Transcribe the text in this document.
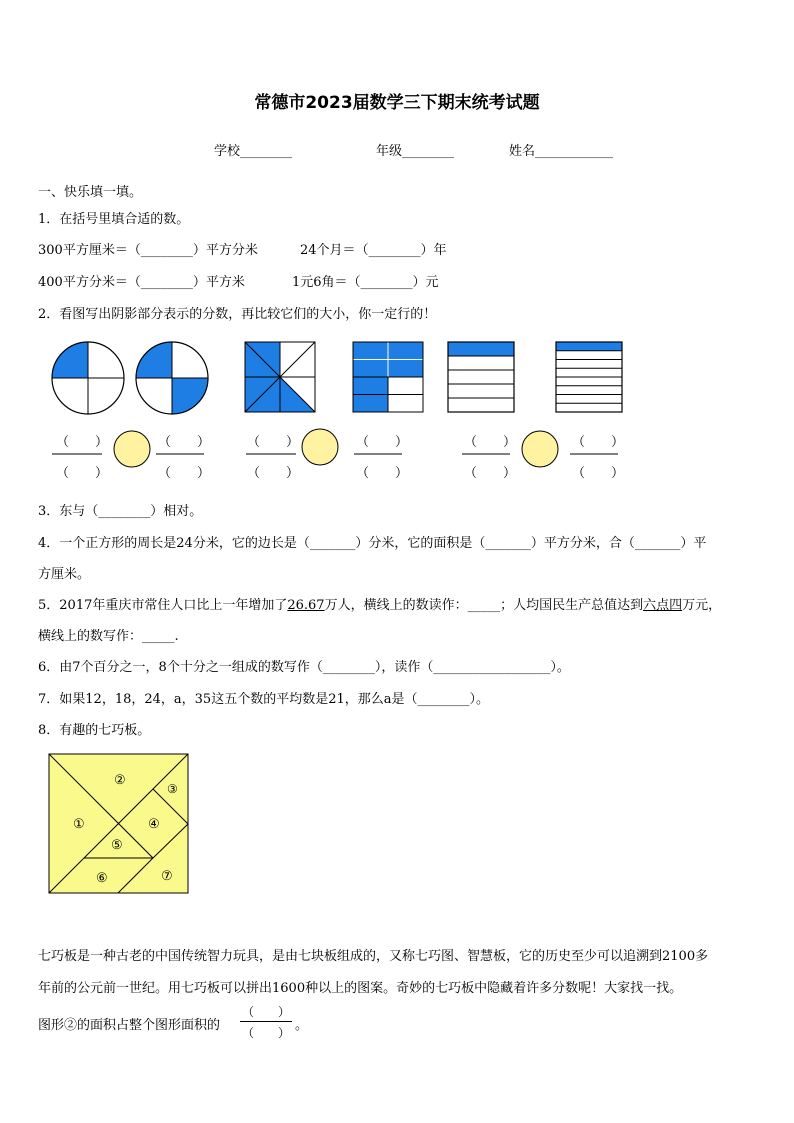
常德市2023届数学三下期末统考试题
学校________	年级________	姓名____________
一、快乐填一填。
1．在括号里填合适的数。
300平方厘米＝（________）平方分米	24个月＝（________）年
400平方分米＝（________）平方米	1元6角＝（________）元
2．看图写出阴影部分表示的分数，再比较它们的大小，你一定行的！
（　　）
（　　）
（　　）
（　　）
（　　）
（　　）
（　　）
（　　）
（　　）
（　　）
（　　）
（　　）
3．东与（________）相对。
4．一个正方形的周长是24分米，它的边长是（_______）分米，它的面积是（_______）平方分米，合（_______）平
方厘米。
5．2017年重庆市常住人口比上一年增加了26.67万人，横线上的数读作：_____；人均国民生产总值达到六点四万元，
横线上的数写作：_____.
6．由7个百分之一，8个十分之一组成的数写作（________），读作（__________________）。
7．如果12，18，24，a，35这五个数的平均数是21，那么a是（________）。
8．有趣的七巧板。
①
②
③
④
⑤
⑥	⑦
七巧板是一种古老的中国传统智力玩具，是由七块板组成的，又称七巧图、智慧板，它的历史至少可以追溯到2100多
年前的公元前一世纪。用七巧板可以拼出1600种以上的图案。奇妙的七巧板中隐藏着许多分数呢！大家找一找。
图形②的面积占整个图形面积的
（　　）
（　　） 。
